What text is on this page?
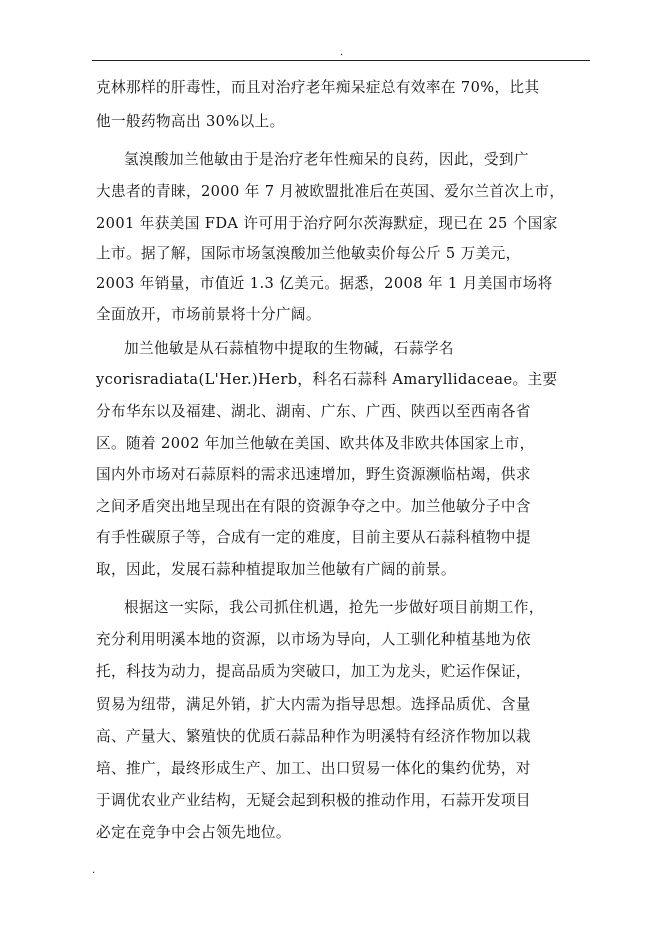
.
克林那样的肝毒性，而且对治疗老年痴呆症总有效率在 70%，比其
他一般药物高出 30%以上。
氢溴酸加兰他敏由于是治疗老年性痴呆的良药，因此，受到广
大患者的青睐，2000 年 7 月被欧盟批准后在英国、爱尔兰首次上市，
2001 年获美国 FDA 许可用于治疗阿尔茨海默症，现已在 25 个国家
上市。据了解，国际市场氢溴酸加兰他敏卖价每公斤 5 万美元，
2003 年销量，市值近 1.3 亿美元。据悉，2008 年 1 月美国市场将
全面放开，市场前景将十分广阔。
加兰他敏是从石蒜植物中提取的生物碱，石蒜学名
ycorisradiata(L'Her.)Herb，科名石蒜科 Amaryllidaceae。主要
分布华东以及福建、湖北、湖南、广东、广西、陕西以至西南各省
区。随着 2002 年加兰他敏在美国、欧共体及非欧共体国家上市，
国内外市场对石蒜原料的需求迅速增加，野生资源濒临枯竭，供求
之间矛盾突出地呈现出在有限的资源争夺之中。加兰他敏分子中含
有手性碳原子等，合成有一定的难度，目前主要从石蒜科植物中提
取，因此，发展石蒜种植提取加兰他敏有广阔的前景。
根据这一实际，我公司抓住机遇，抢先一步做好项目前期工作，
充分利用明溪本地的资源，以市场为导向，人工驯化种植基地为依
托，科技为动力，提高品质为突破口，加工为龙头，贮运作保证，
贸易为纽带，满足外销，扩大内需为指导思想。选择品质优、含量
高、产量大、繁殖快的优质石蒜品种作为明溪特有经济作物加以栽
培、推广，最终形成生产、加工、出口贸易一体化的集约优势，对
于调优农业产业结构，无疑会起到积极的推动作用，石蒜开发项目
必定在竞争中会占领先地位。
.
